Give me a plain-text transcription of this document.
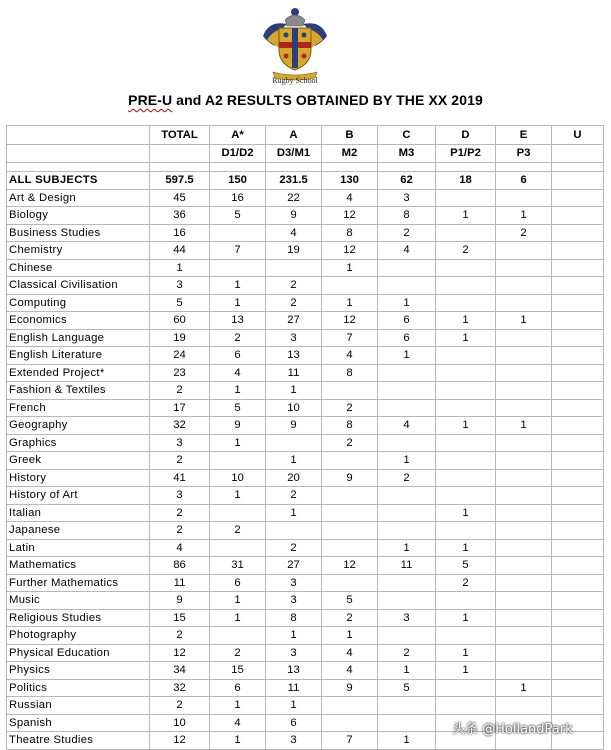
Rugby School
PRE-U and A2 RESULTS OBTAINED BY THE XX 2019
	TOTAL	A*	A	B	C	D	E	U
		D1/D2	D3/M1	M2	M3	P1/P2	P3	

ALL SUBJECTS	597.5	150	231.5	130	62	18	6	
Art & Design	45	16	22	4	3			
Biology	36	5	9	12	8	1	1	
Business Studies	16		4	8	2		2	
Chemistry	44	7	19	12	4	2		
Chinese	1			1				
Classical Civilisation	3	1	2					
Computing	5	1	2	1	1			
Economics	60	13	27	12	6	1	1	
English Language	19	2	3	7	6	1		
English Literature	24	6	13	4	1			
Extended Project*	23	4	11	8				
Fashion & Textiles	2	1	1					
French	17	5	10	2				
Geography	32	9	9	8	4	1	1	
Graphics	3	1		2				
Greek	2		1		1			
History	41	10	20	9	2			
History of Art	3	1	2					
Italian	2		1			1		
Japanese	2	2						
Latin	4		2		1	1		
Mathematics	86	31	27	12	11	5		
Further Mathematics	11	6	3			2		
Music	9	1	3	5				
Religious Studies	15	1	8	2	3	1		
Photography	2		1	1				
Physical Education	12	2	3	4	2	1		
Physics	34	15	13	4	1	1		
Politics	32	6	11	9	5		1	
Russian	2	1	1					
Spanish	10	4	6					
Theatre Studies	12	1	3	7	1			
头条 @HollandPark
